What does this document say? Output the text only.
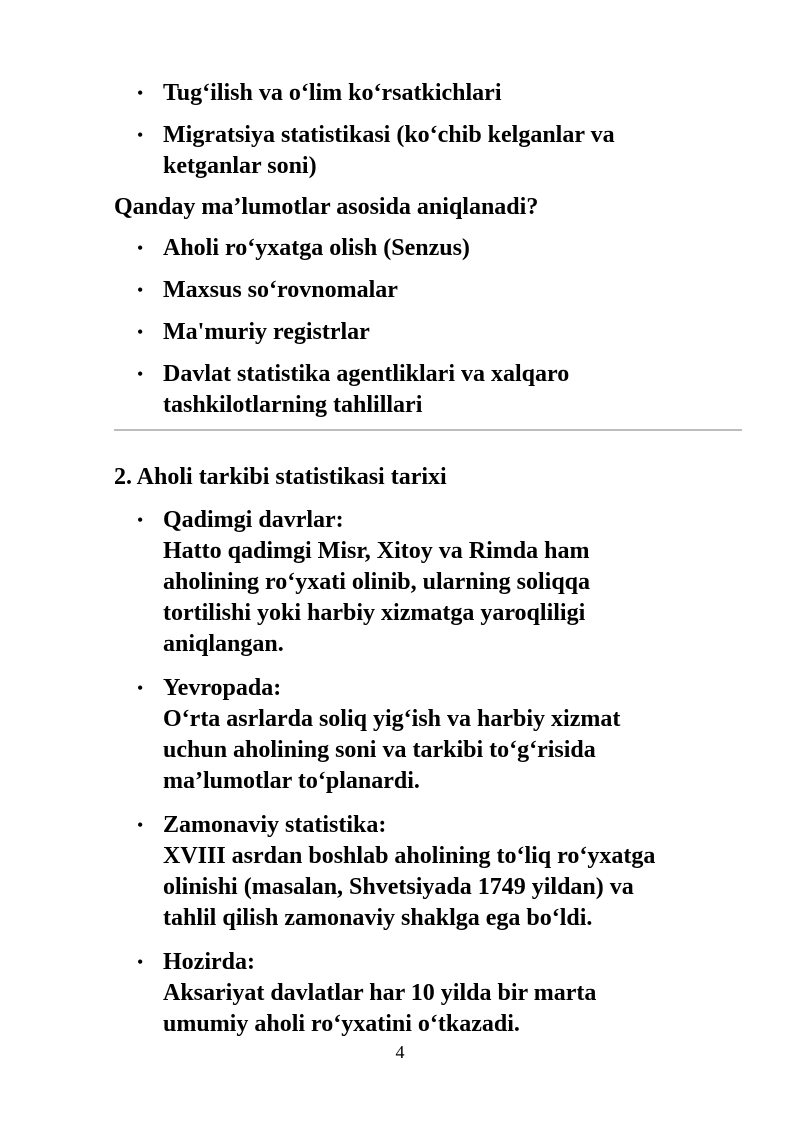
• Tug‘ilish va o‘lim ko‘rsatkichlari
• Migratsiya statistikasi (ko‘chib kelganlar va
ketganlar soni)
Qanday ma’lumotlar asosida aniqlanadi?
• Aholi ro‘yxatga olish (Senzus)
• Maxsus so‘rovnomalar
• Ma'muriy registrlar
• Davlat statistika agentliklari va xalqaro
tashkilotlarning tahlillari
2. Aholi tarkibi statistikasi tarixi
• Qadimgi davrlar:
Hatto qadimgi Misr, Xitoy va Rimda ham
aholining ro‘yxati olinib, ularning soliqqa
tortilishi yoki harbiy xizmatga yaroqliligi
aniqlangan.
• Yevropada:
O‘rta asrlarda soliq yig‘ish va harbiy xizmat
uchun aholining soni va tarkibi to‘g‘risida
ma’lumotlar to‘planardi.
• Zamonaviy statistika:
XVIII asrdan boshlab aholining to‘liq ro‘yxatga
olinishi (masalan, Shvetsiyada 1749 yildan) va
tahlil qilish zamonaviy shaklga ega bo‘ldi.
• Hozirda:
Aksariyat davlatlar har 10 yilda bir marta
umumiy aholi ro‘yxatini o‘tkazadi.
4
